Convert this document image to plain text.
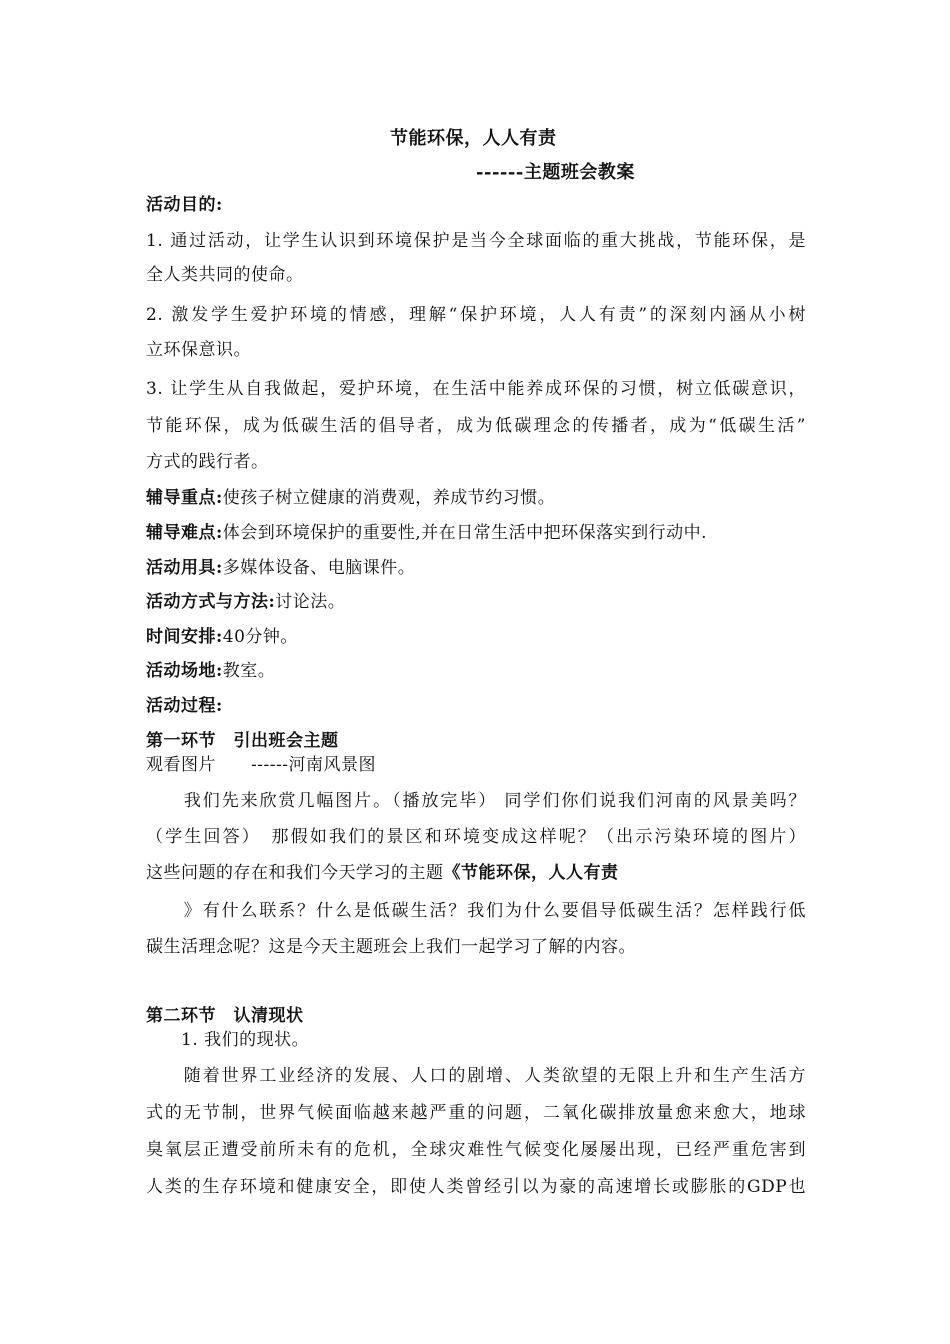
节能环保，人人有责
------主题班会教案
活动目的:
1. 通过活动，让学生认识到环境保护是当今全球面临的重大挑战，节能环保，是
全人类共同的使命。
2. 激发学生爱护环境的情感，理解“保护环境，人人有责”的深刻内涵从小树
立环保意识。
3. 让学生从自我做起，爱护环境，在生活中能养成环保的习惯，树立低碳意识，
节能环保，成为低碳生活的倡导者，成为低碳理念的传播者，成为“低碳生活”
方式的践行者。
辅导重点:使孩子树立健康的消费观，养成节约习惯。
辅导难点:体会到环境保护的重要性,并在日常生活中把环保落实到行动中.
活动用具:多媒体设备、电脑课件。
活动方式与方法:讨论法。
时间安排:40分钟。
活动场地:教室。
活动过程:
第一环节　引出班会主题
观看图片　　------河南风景图
　　我们先来欣赏几幅图片。（播放完毕） 同学们你们说我们河南的风景美吗？
（学生回答）　那假如我们的景区和环境变成这样呢？（出示污染环境的图片）
这些问题的存在和我们今天学习的主题《节能环保，人人有责
　　》有什么联系？什么是低碳生活？我们为什么要倡导低碳生活？怎样践行低
碳生活理念呢？这是今天主题班会上我们一起学习了解的内容。
第二环节　认清现状
　　1. 我们的现状。
　　随着世界工业经济的发展、人口的剧增、人类欲望的无限上升和生产生活方
式的无节制，世界气候面临越来越严重的问题，二氧化碳排放量愈来愈大，地球
臭氧层正遭受前所未有的危机，全球灾难性气候变化屡屡出现，已经严重危害到
人类的生存环境和健康安全，即使人类曾经引以为豪的高速增长或膨胀的GDP也
